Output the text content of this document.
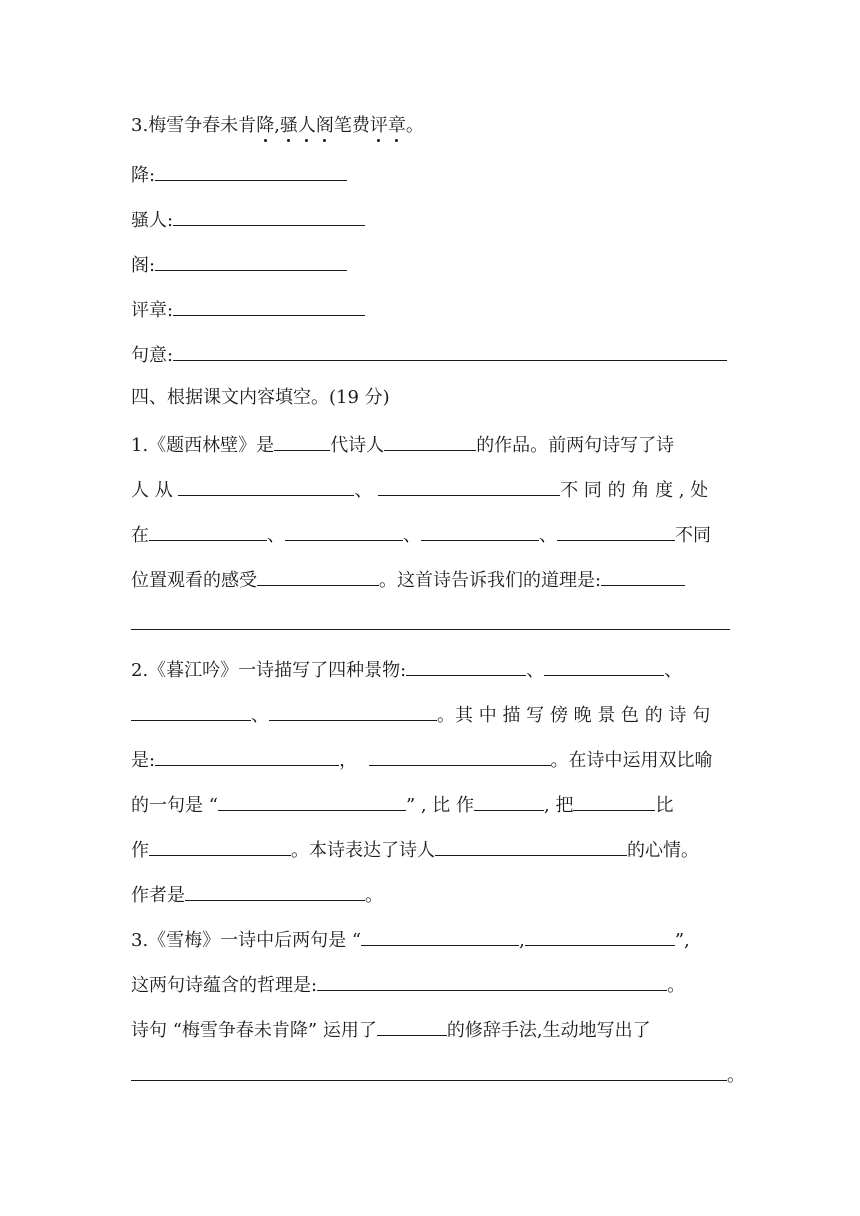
3.梅雪争春未肯降,骚人阁笔费评章。
降:
骚人:
阁:
评章:
句意:
四、根据课文内容填空。(19 分)
1.《题西林壁》是	代诗人	的作品。前两句诗写了诗
人 从	、	不 同 的 角 度 , 处
在	、	、	、	不同
位置观看的感受	。这首诗告诉我们的道理是:
2.《暮江吟》一诗描写了四种景物:	、	、
、	。其 中 描 写 傍 晚 景 色 的 诗 句
是:	，	。在诗中运用双比喻
的一句是 “	” , 比 作	, 把	比
作	。本诗表达了诗人	的心情。
作者是	。
3.《雪梅》一诗中后两句是 “	,	”,
这两句诗蕴含的哲理是:	。
诗句 “梅雪争春未肯降” 运用了	的修辞手法,生动地写出了
。
